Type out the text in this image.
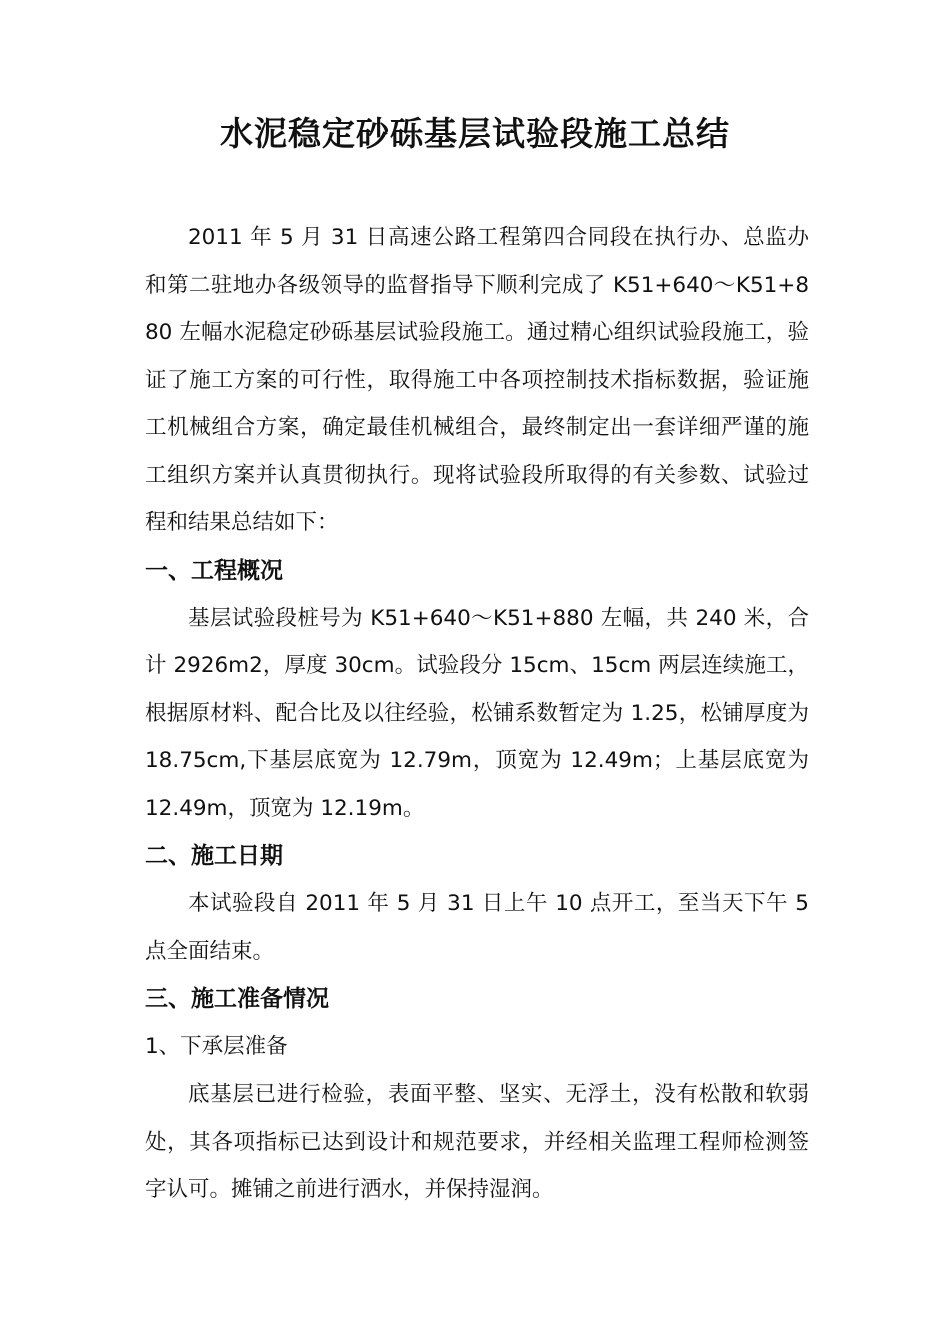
水泥稳定砂砾基层试验段施工总结

2011 年 5 月 31 日高速公路工程第四合同段在执行办、总监办和第二驻地办各级领导的监督指导下顺利完成了 K51+640～K51+880 左幅水泥稳定砂砾基层试验段施工。通过精心组织试验段施工，验证了施工方案的可行性，取得施工中各项控制技术指标数据，验证施工机械组合方案，确定最佳机械组合，最终制定出一套详细严谨的施工组织方案并认真贯彻执行。现将试验段所取得的有关参数、试验过程和结果总结如下：

一、工程概况

基层试验段桩号为 K51+640～K51+880 左幅，共 240 米，合计 2926m2，厚度 30cm。试验段分 15cm、15cm 两层连续施工，根据原材料、配合比及以往经验，松铺系数暂定为 1.25，松铺厚度为 18.75cm,下基层底宽为 12.79m，顶宽为 12.49m；上基层底宽为 12.49m，顶宽为 12.19m。

二、施工日期

本试验段自 2011 年 5 月 31 日上午 10 点开工，至当天下午 5 点全面结束。

三、施工准备情况
1、下承层准备

底基层已进行检验，表面平整、坚实、无浮土，没有松散和软弱处，其各项指标已达到设计和规范要求，并经相关监理工程师检测签字认可。摊铺之前进行洒水，并保持湿润。
